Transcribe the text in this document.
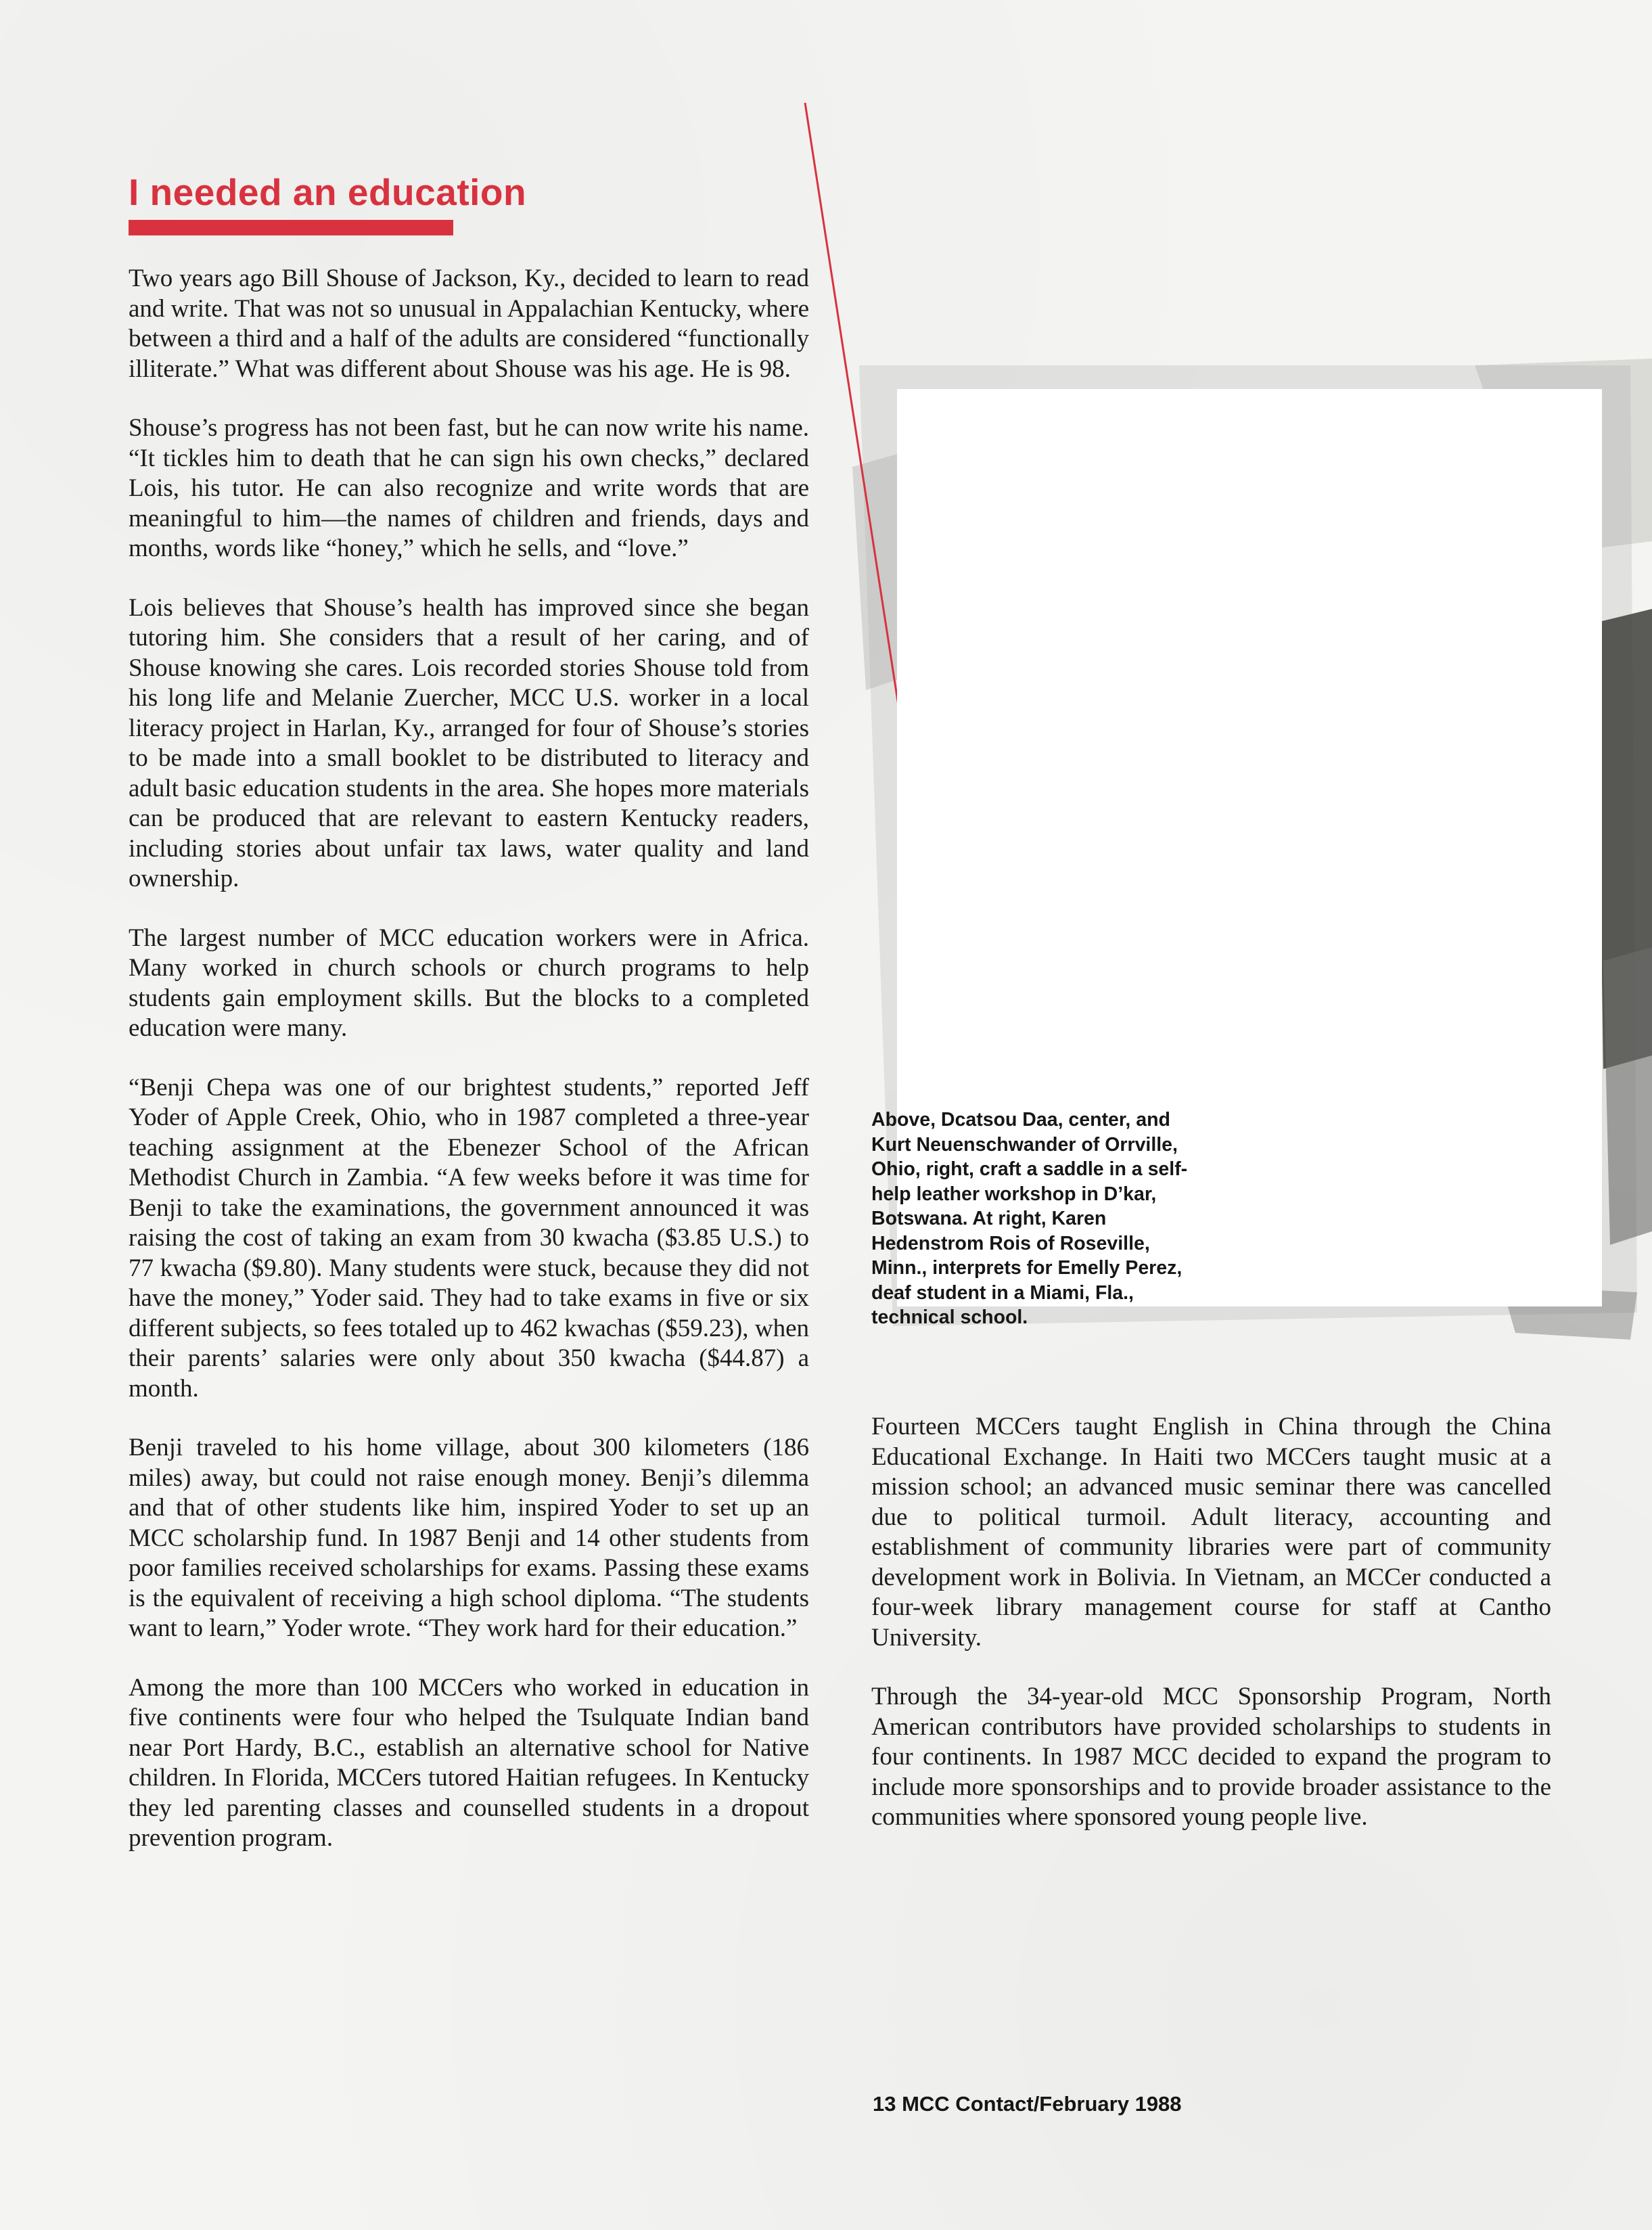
I needed an education

Two years ago Bill Shouse of Jackson, Ky., decided to learn to read and write. That was not so unusual in Appalachian Kentucky, where between a third and a half of the adults are considered “functionally illiterate.” What was different about Shouse was his age. He is 98.

Shouse’s progress has not been fast, but he can now write his name. “It tickles him to death that he can sign his own checks,” declared Lois, his tutor. He can also recognize and write words that are meaningful to him—the names of children and friends, days and months, words like “honey,” which he sells, and “love.”

Lois believes that Shouse’s health has improved since she began tutoring him. She considers that a result of her caring, and of Shouse knowing she cares. Lois recorded stories Shouse told from his long life and Melanie Zuercher, MCC U.S. worker in a local literacy project in Harlan, Ky., arranged for four of Shouse’s stories to be made into a small booklet to be distributed to literacy and adult basic education students in the area. She hopes more materials can be produced that are relevant to eastern Kentucky readers, including stories about unfair tax laws, water quality and land ownership.

The largest number of MCC education workers were in Africa. Many worked in church schools or church programs to help students gain employment skills. But the blocks to a completed education were many.

“Benji Chepa was one of our brightest students,” reported Jeff Yoder of Apple Creek, Ohio, who in 1987 completed a three-year teaching assignment at the Ebenezer School of the African Methodist Church in Zambia. “A few weeks before it was time for Benji to take the examinations, the government announced it was raising the cost of taking an exam from 30 kwacha ($3.85 U.S.) to 77 kwacha ($9.80). Many students were stuck, because they did not have the money,” Yoder said. They had to take exams in five or six different subjects, so fees totaled up to 462 kwachas ($59.23), when their parents’ salaries were only about 350 kwacha ($44.87) a month.

Benji traveled to his home village, about 300 kilometers (186 miles) away, but could not raise enough money. Benji’s dilemma and that of other students like him, inspired Yoder to set up an MCC scholarship fund. In 1987 Benji and 14 other students from poor families received scholarships for exams. Passing these exams is the equivalent of receiving a high school diploma. “The students want to learn,” Yoder wrote. “They work hard for their education.”

Among the more than 100 MCCers who worked in education in five continents were four who helped the Tsulquate Indian band near Port Hardy, B.C., establish an alternative school for Native children. In Florida, MCCers tutored Haitian refugees. In Kentucky they led parenting classes and counselled students in a dropout prevention program.

Above, Dcatsou Daa, center, and Kurt Neuenschwander of Orrville, Ohio, right, craft a saddle in a self-help leather workshop in D’kar, Botswana. At right, Karen Hedenstrom Rois of Roseville, Minn., interprets for Emelly Perez, deaf student in a Miami, Fla., technical school.

Fourteen MCCers taught English in China through the China Educational Exchange. In Haiti two MCCers taught music at a mission school; an advanced music seminar there was cancelled due to political turmoil. Adult literacy, accounting and establishment of community libraries were part of community development work in Bolivia. In Vietnam, an MCCer conducted a four-week library management course for staff at Cantho University.

Through the 34-year-old MCC Sponsorship Program, North American contributors have provided scholarships to students in four continents. In 1987 MCC decided to expand the program to include more sponsorships and to provide broader assistance to the communities where sponsored young people live.

13 MCC Contact/February 1988
